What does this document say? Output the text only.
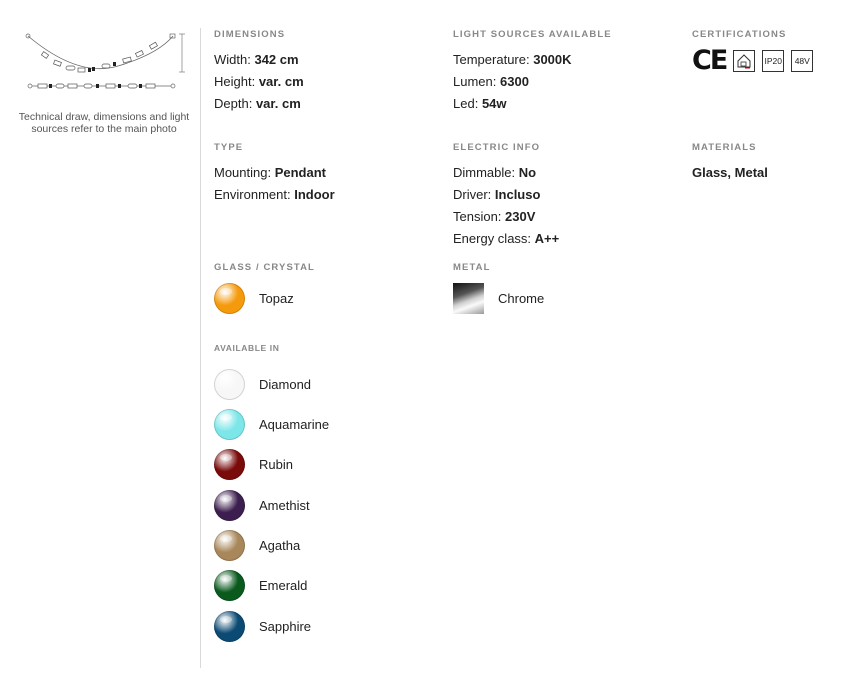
Technical draw, dimensions and light sources refer to the main photo
DIMENSIONS
Width: 342 cm
Height: var. cm
Depth: var. cm
LIGHT SOURCES AVAILABLE
Temperature: 3000K
Lumen: 6300
Led: 54w
CERTIFICATIONS
CE	IP20	48V
TYPE
Mounting: Pendant
Environment: Indoor
ELECTRIC INFO
Dimmable: No
Driver: Incluso
Tension: 230V
Energy class: A++
MATERIALS
Glass, Metal
GLASS / CRYSTAL
Topaz
METAL
Chrome
AVAILABLE IN
Diamond
Aquamarine
Rubin
Amethist
Agatha
Emerald
Sapphire
